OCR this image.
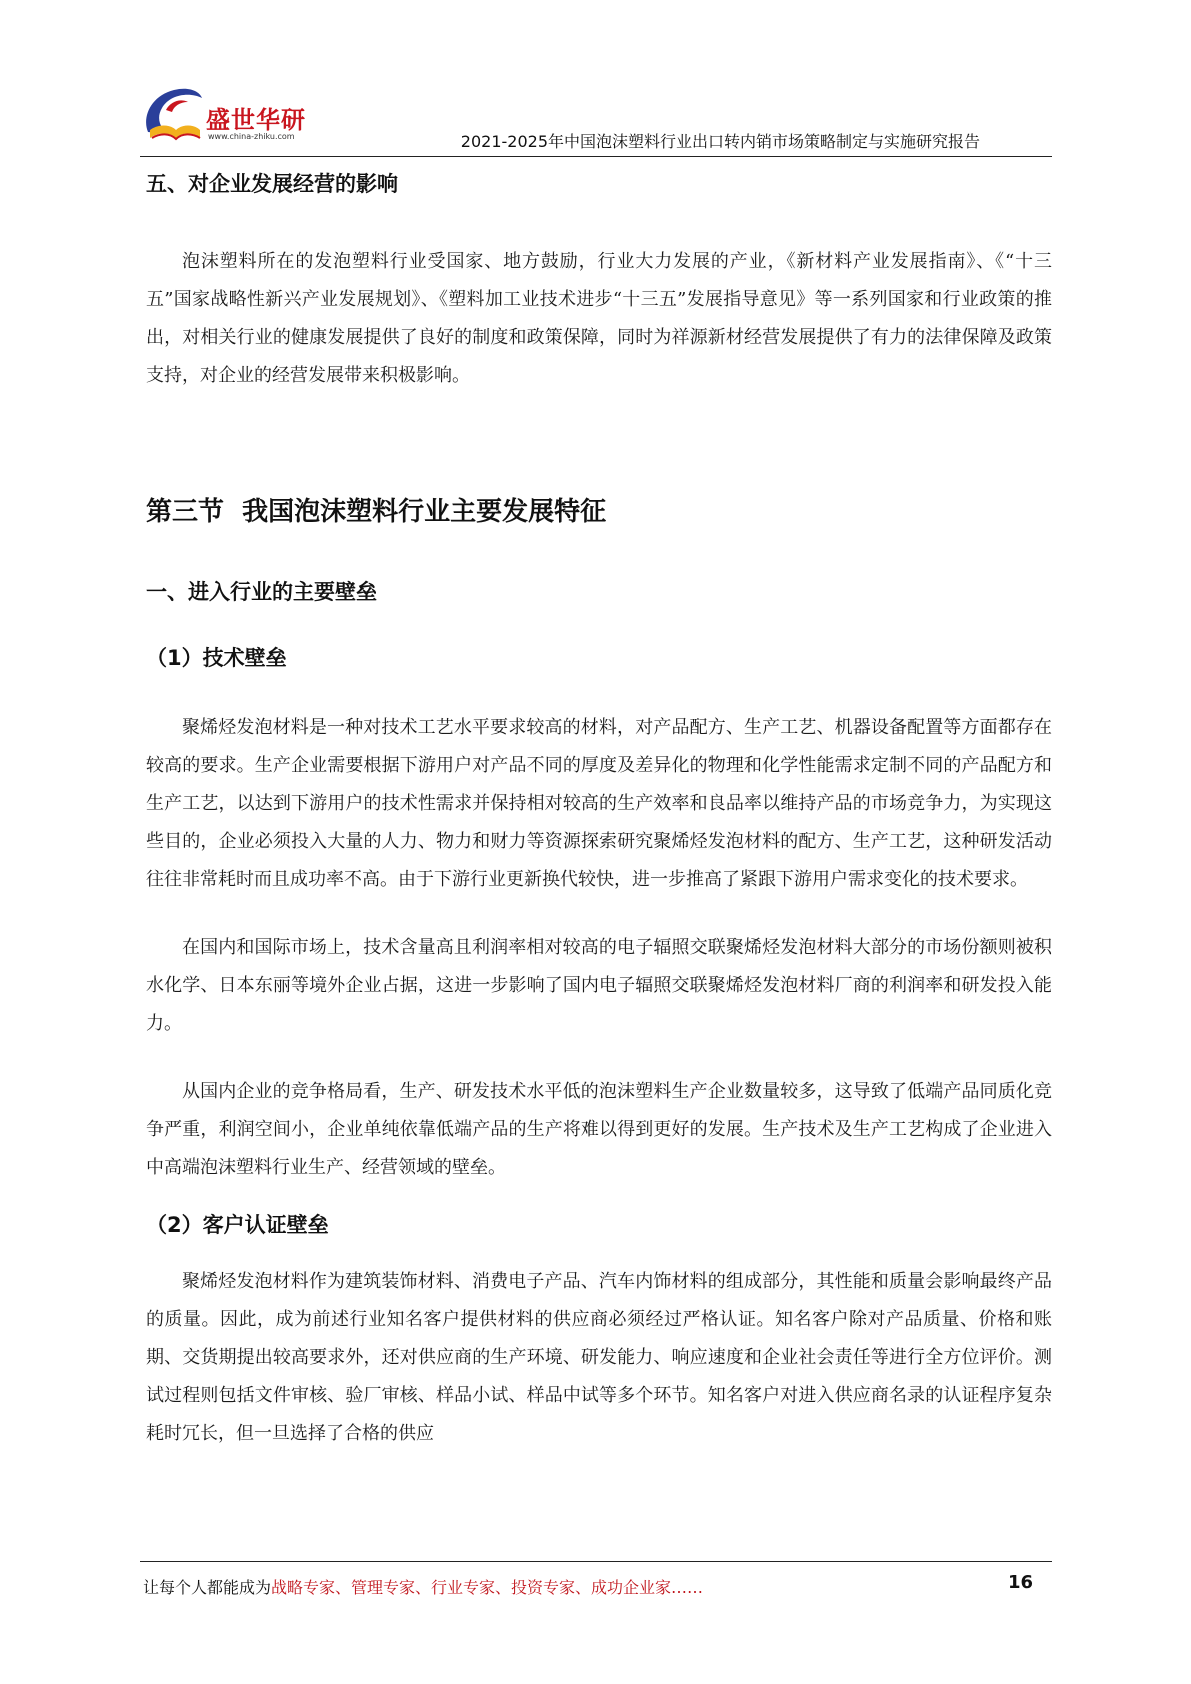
盛世华研
www.china-zhiku.com	2021-2025年中国泡沫塑料行业出口转内销市场策略制定与实施研究报告
五、对企业发展经营的影响

泡沫塑料所在的发泡塑料行业受国家、地方鼓励，行业大力发展的产业，《新材料产业发展指南》、《“十三五”国家战略性新兴产业发展规划》、《塑料加工业技术进步“十三五”发展指导意见》等一系列国家和行业政策的推出，对相关行业的健康发展提供了良好的制度和政策保障，同时为祥源新材经营发展提供了有力的法律保障及政策支持，对企业的经营发展带来积极影响。

第三节  我国泡沫塑料行业主要发展特征
一、进入行业的主要壁垒
（1）技术壁垒

聚烯烃发泡材料是一种对技术工艺水平要求较高的材料，对产品配方、生产工艺、机器设备配置等方面都存在较高的要求。生产企业需要根据下游用户对产品不同的厚度及差异化的物理和化学性能需求定制不同的产品配方和生产工艺，以达到下游用户的技术性需求并保持相对较高的生产效率和良品率以维持产品的市场竞争力，为实现这些目的，企业必须投入大量的人力、物力和财力等资源探索研究聚烯烃发泡材料的配方、生产工艺，这种研发活动往往非常耗时而且成功率不高。由于下游行业更新换代较快，进一步推高了紧跟下游用户需求变化的技术要求。

在国内和国际市场上，技术含量高且利润率相对较高的电子辐照交联聚烯烃发泡材料大部分的市场份额则被积水化学、日本东丽等境外企业占据，这进一步影响了国内电子辐照交联聚烯烃发泡材料厂商的利润率和研发投入能力。

从国内企业的竞争格局看，生产、研发技术水平低的泡沫塑料生产企业数量较多，这导致了低端产品同质化竞争严重，利润空间小，企业单纯依靠低端产品的生产将难以得到更好的发展。生产技术及生产工艺构成了企业进入中高端泡沫塑料行业生产、经营领域的壁垒。

（2）客户认证壁垒

聚烯烃发泡材料作为建筑装饰材料、消费电子产品、汽车内饰材料的组成部分，其性能和质量会影响最终产品的质量。因此，成为前述行业知名客户提供材料的供应商必须经过严格认证。知名客户除对产品质量、价格和账期、交货期提出较高要求外，还对供应商的生产环境、研发能力、响应速度和企业社会责任等进行全方位评价。测试过程则包括文件审核、验厂审核、样品小试、样品中试等多个环节。知名客户对进入供应商名录的认证程序复杂耗时冗长，但一旦选择了合格的供应

让每个人都能成为战略专家、管理专家、行业专家、投资专家、成功企业家……	16
